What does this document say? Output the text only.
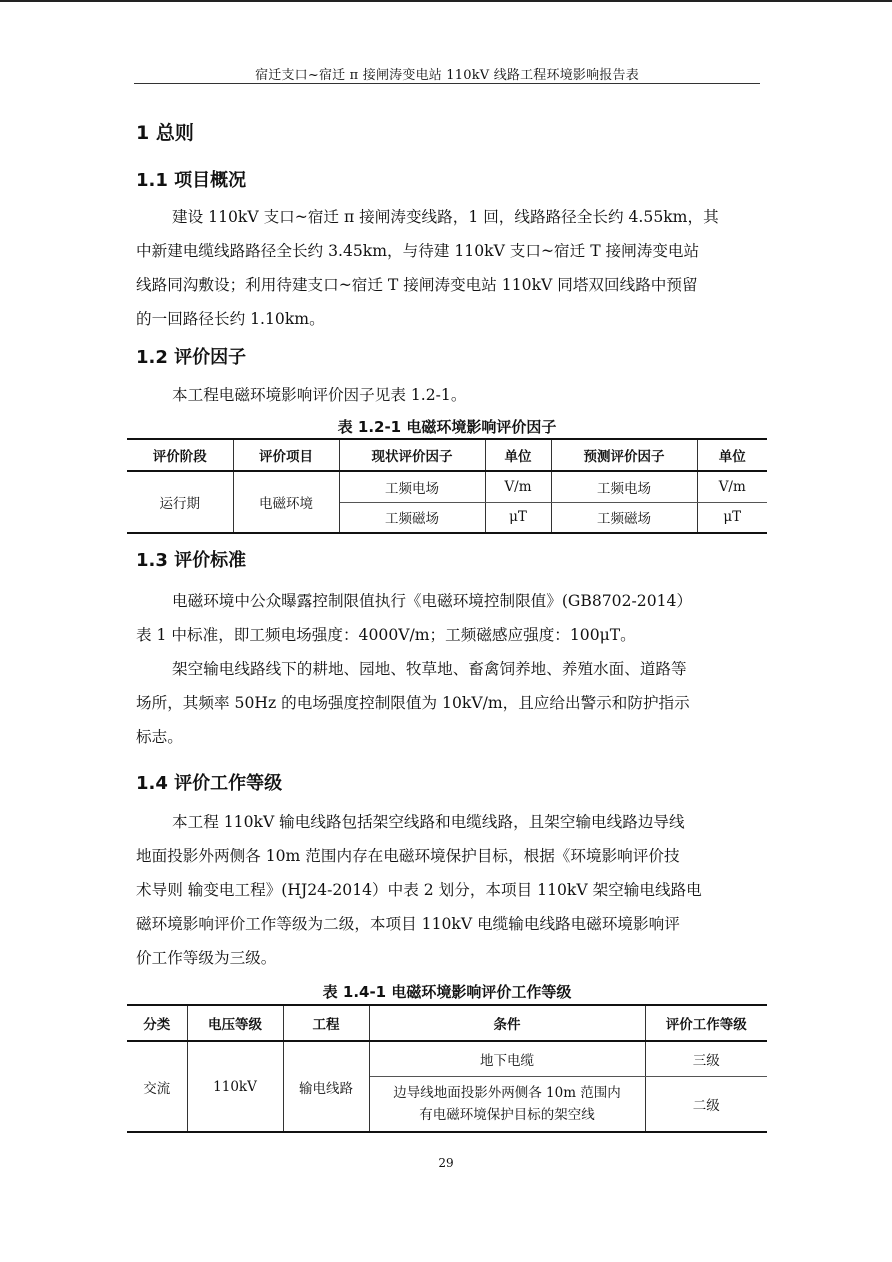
宿迁支口~宿迁 π 接闸涛变电站 110kV 线路工程环境影响报告表
1 总则
1.1 项目概况

建设 110kV 支口~宿迁 π 接闸涛变线路，1 回，线路路径全长约 4.55km，其

中新建电缆线路路径全长约 3.45km，与待建 110kV 支口~宿迁 T 接闸涛变电站

线路同沟敷设；利用待建支口~宿迁 T 接闸涛变电站 110kV 同塔双回线路中预留

的一回路径长约 1.10km。

1.2 评价因子

本工程电磁环境影响评价因子见表 1.2-1。

表 1.2-1 电磁环境影响评价因子
评价阶段	评价项目	现状评价因子	单位	预测评价因子	单位
运行期	电磁环境	工频电场	V/m	工频电场	V/m
		工频磁场	μT	工频磁场	μT
1.3 评价标准

电磁环境中公众曝露控制限值执行《电磁环境控制限值》(GB8702-2014）

表 1 中标准，即工频电场强度：4000V/m；工频磁感应强度：100μT。

架空输电线路线下的耕地、园地、牧草地、畜禽饲养地、养殖水面、道路等

场所，其频率 50Hz 的电场强度控制限值为 10kV/m，且应给出警示和防护指示

标志。

1.4 评价工作等级

本工程 110kV 输电线路包括架空线路和电缆线路，且架空输电线路边导线

地面投影外两侧各 10m 范围内存在电磁环境保护目标，根据《环境影响评价技

术导则 输变电工程》(HJ24-2014）中表 2 划分，本项目 110kV 架空输电线路电

磁环境影响评价工作等级为二级，本项目 110kV 电缆输电线路电磁环境影响评

价工作等级为三级。

表 1.4-1 电磁环境影响评价工作等级
分类	电压等级	工程	条件	评价工作等级
交流	110kV	输电线路	地下电缆	三级

			边导线地面投影外两侧各 10m 范围内
有电磁环境保护目标的架空线	二级
29
